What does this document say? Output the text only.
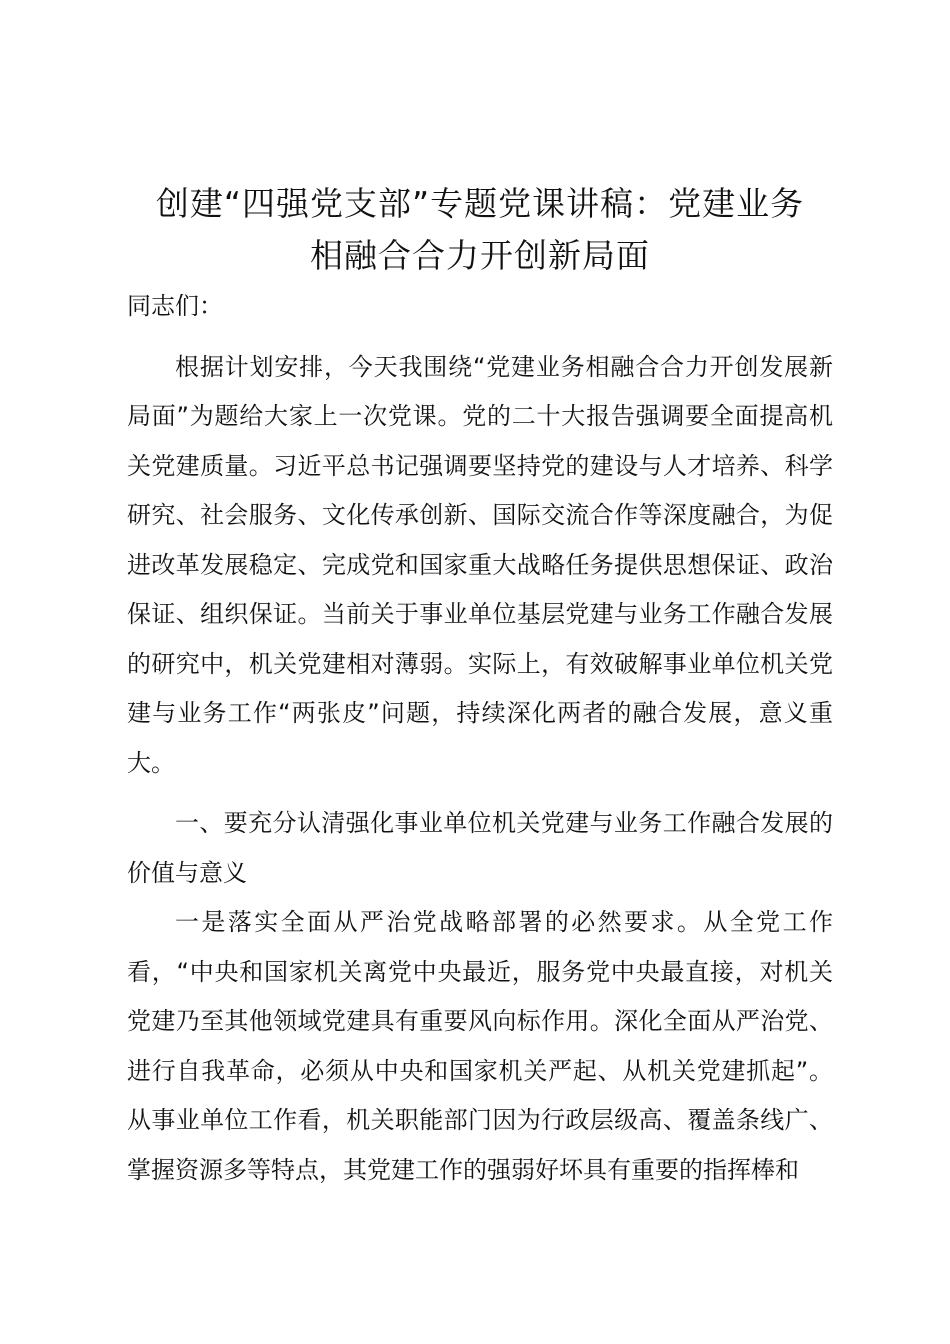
创建“四强党支部”专题党课讲稿：党建业务
相融合合力开创新局面

同志们：

根据计划安排，今天我围绕“党建业务相融合合力开创发展新局面”为题给大家上一次党课。党的二十大报告强调要全面提高机关党建质量。习近平总书记强调要坚持党的建设与人才培养、科学研究、社会服务、文化传承创新、国际交流合作等深度融合，为促进改革发展稳定、完成党和国家重大战略任务提供思想保证、政治保证、组织保证。当前关于事业单位基层党建与业务工作融合发展的研究中，机关党建相对薄弱。实际上，有效破解事业单位机关党建与业务工作“两张皮”问题，持续深化两者的融合发展，意义重大。

一、要充分认清强化事业单位机关党建与业务工作融合发展的价值与意义

一是落实全面从严治党战略部署的必然要求。从全党工作看，“中央和国家机关离党中央最近，服务党中央最直接，对机关党建乃至其他领域党建具有重要风向标作用。深化全面从严治党、进行自我革命，必须从中央和国家机关严起、从机关党建抓起”。从事业单位工作看，机关职能部门因为行政层级高、覆盖条线广、掌握资源多等特点，其党建工作的强弱好坏具有重要的指挥棒和
